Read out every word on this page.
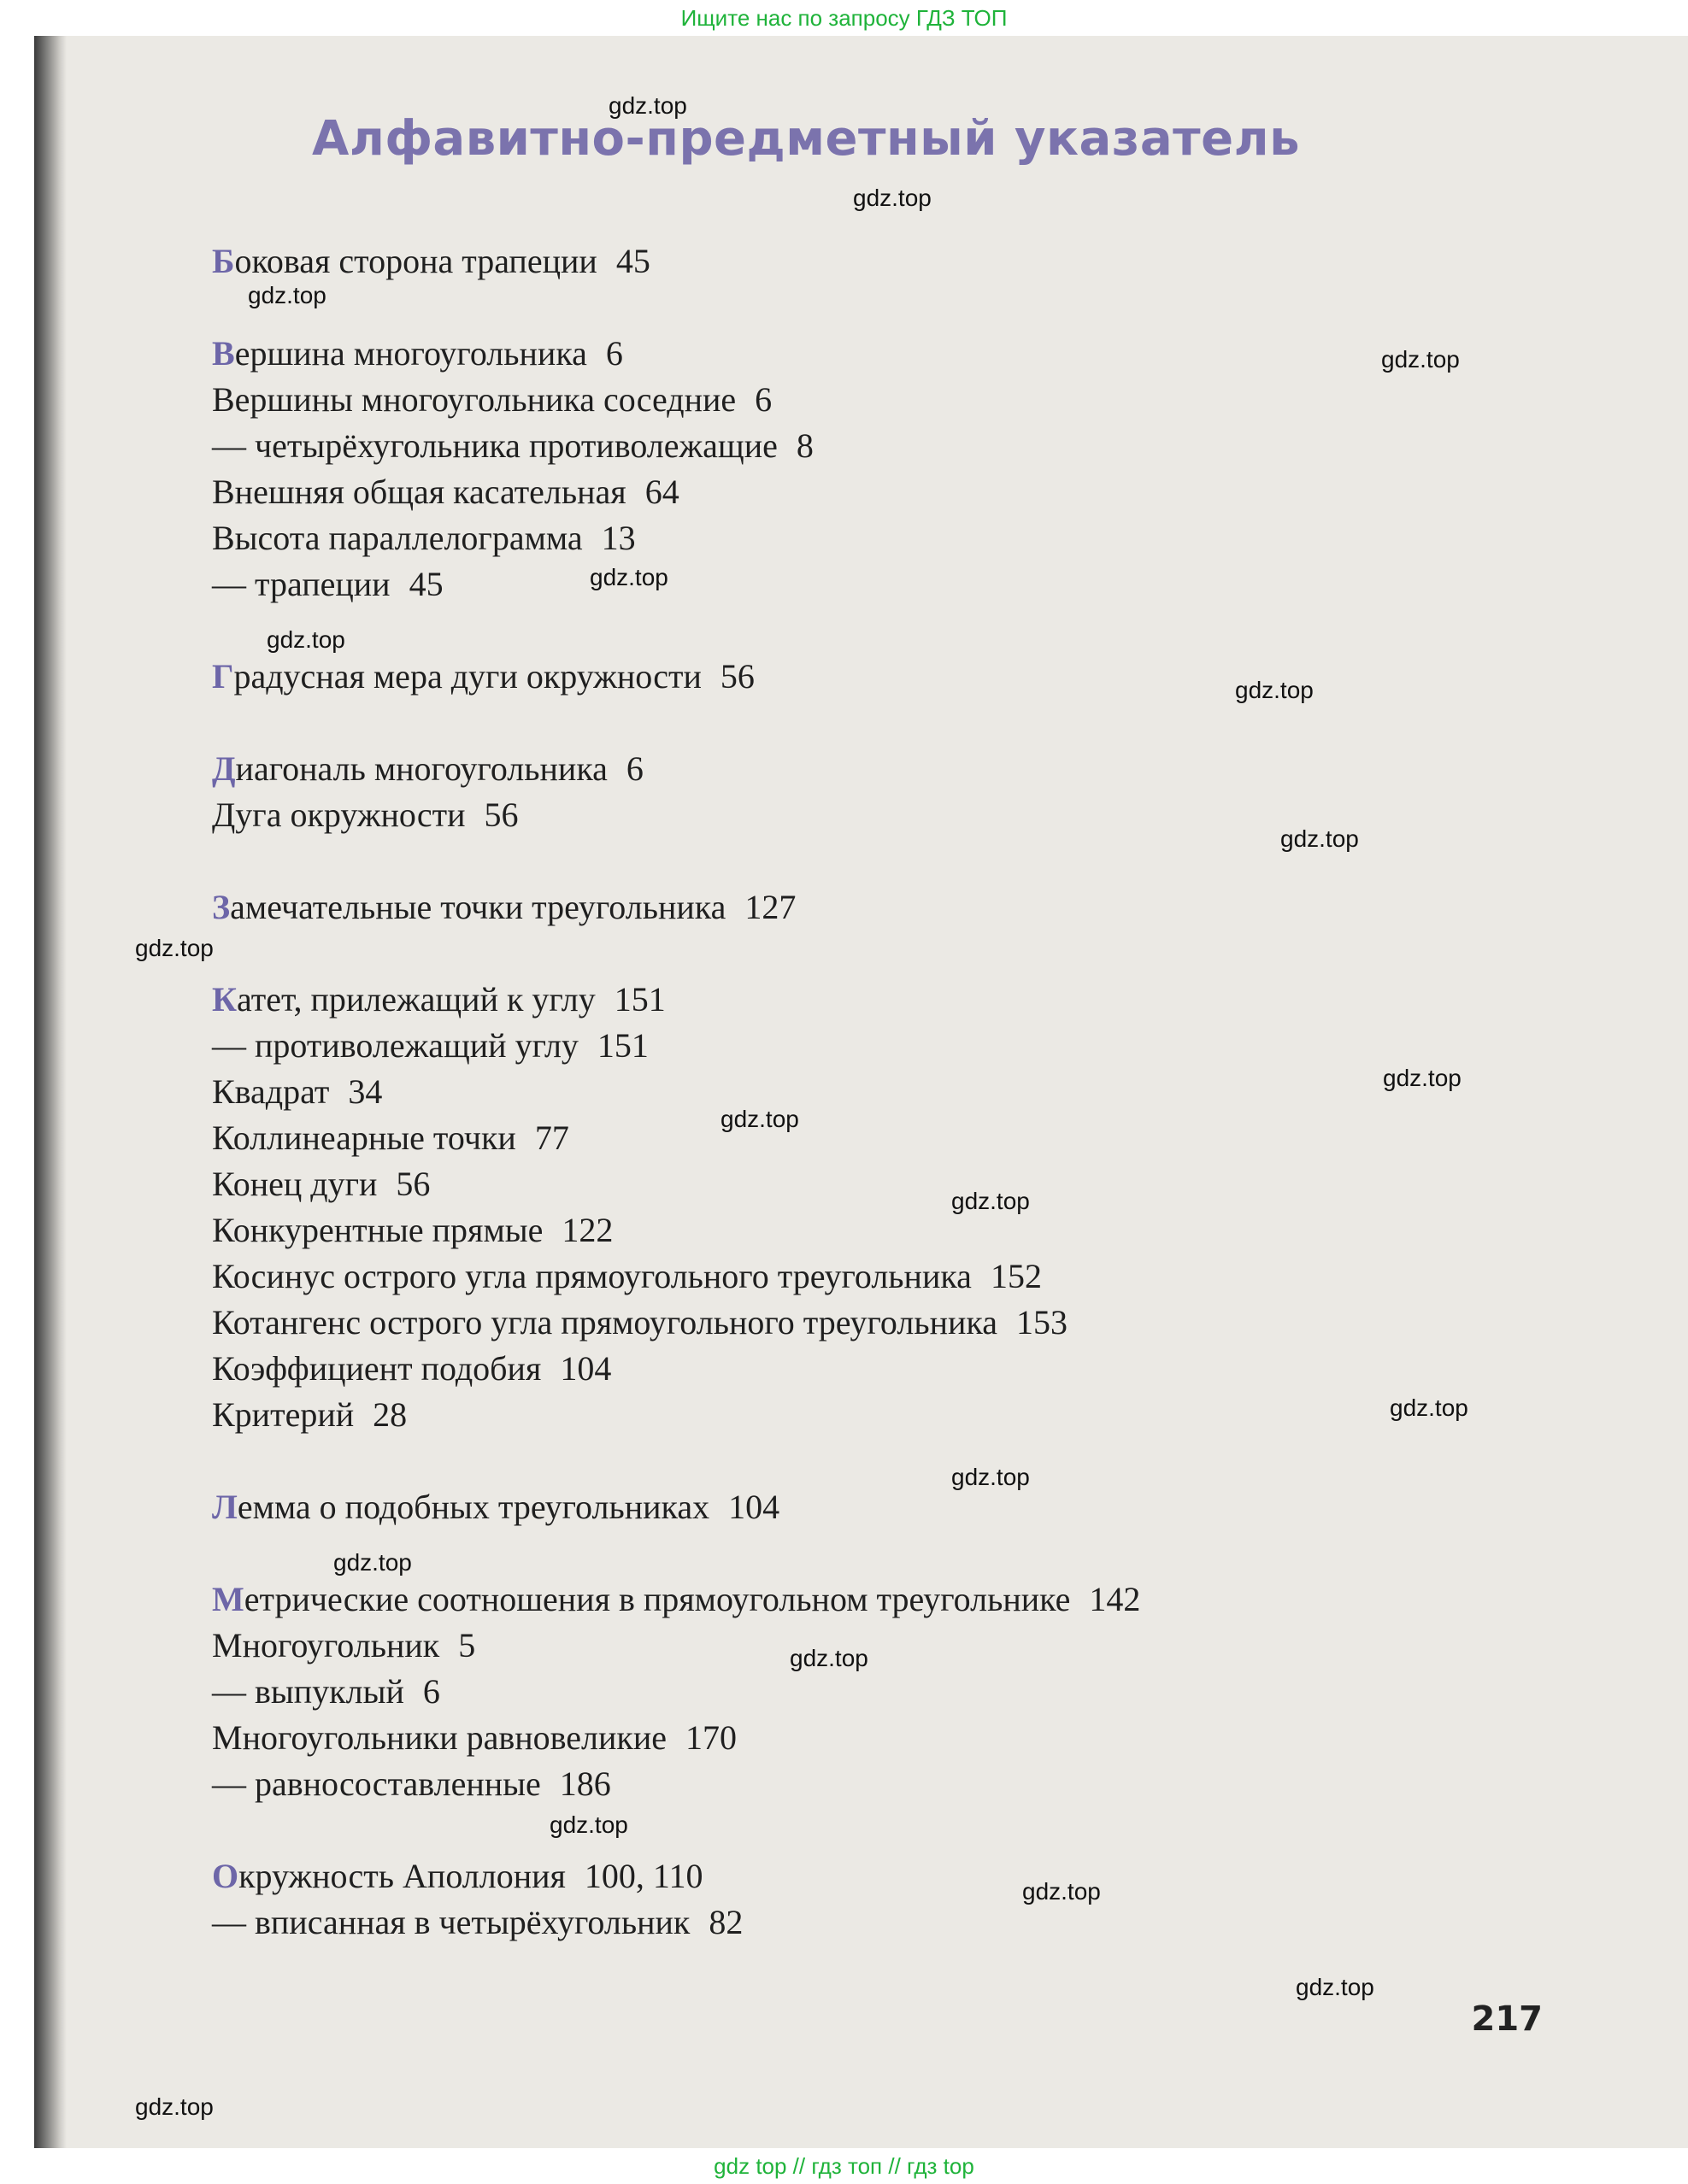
Ищите нас по запросу ГДЗ ТОП
Алфавитно-предметный указатель
Боковая сторона трапеции 45
Вершина многоугольника 6
Вершины многоугольника соседние 6
— четырёхугольника противолежащие 8
Внешняя общая касательная 64
Высота параллелограмма 13
— трапеции 45
Градусная мера дуги окружности 56
Диагональ многоугольника 6
Дуга окружности 56
Замечательные точки треугольника 127
Катет, прилежащий к углу 151
— противолежащий углу 151
Квадрат 34
Коллинеарные точки 77
Конец дуги 56
Конкурентные прямые 122
Косинус острого угла прямоугольного треугольника 152
Котангенс острого угла прямоугольного треугольника 153
Коэффициент подобия 104
Критерий 28
Лемма о подобных треугольниках 104
Метрические соотношения в прямоугольном треугольнике 142
Многоугольник 5
— выпуклый 6
Многоугольники равновеликие 170
— равносоставленные 186
Окружность Аполлония 100, 110
— вписанная в четырёхугольник 82
217
gdz.top
gdz.top
gdz.top
gdz.top
gdz.top
gdz.top
gdz.top
gdz.top
gdz.top
gdz.top
gdz.top
gdz.top
gdz.top
gdz.top
gdz.top
gdz.top
gdz.top
gdz.top
gdz.top
gdz.top
gdz top // гдз топ // гдз top
